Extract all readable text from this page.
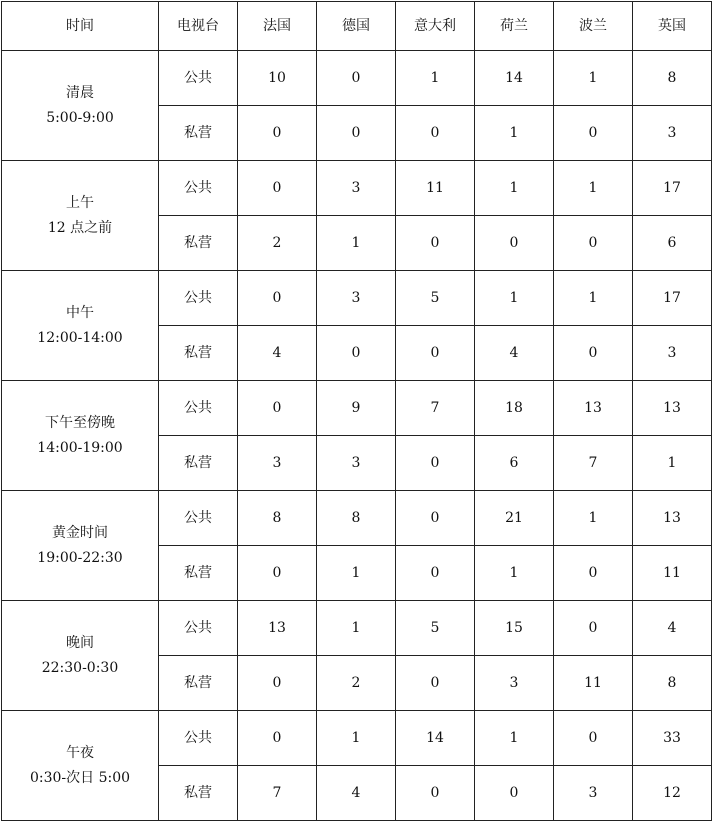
时间	电视台	法国	德国	意大利	荷兰	波兰	英国

清晨
5:00-9:00	公共	10	0	1	14	1	8
	私营	0	0	0	1	0	3

上午
12 点之前	公共	0	3	11	1	1	17
	私营	2	1	0	0	0	6

中午
12:00-14:00	公共	0	3	5	1	1	17
	私营	4	0	0	4	0	3

下午至傍晚
14:00-19:00	公共	0	9	7	18	13	13
	私营	3	3	0	6	7	1

黄金时间
19:00-22:30	公共	8	8	0	21	1	13
	私营	0	1	0	1	0	11

晚间
22:30-0:30	公共	13	1	5	15	0	4
	私营	0	2	0	3	11	8

午夜
0:30-次日 5:00	公共	0	1	14	1	0	33
	私营	7	4	0	0	3	12
